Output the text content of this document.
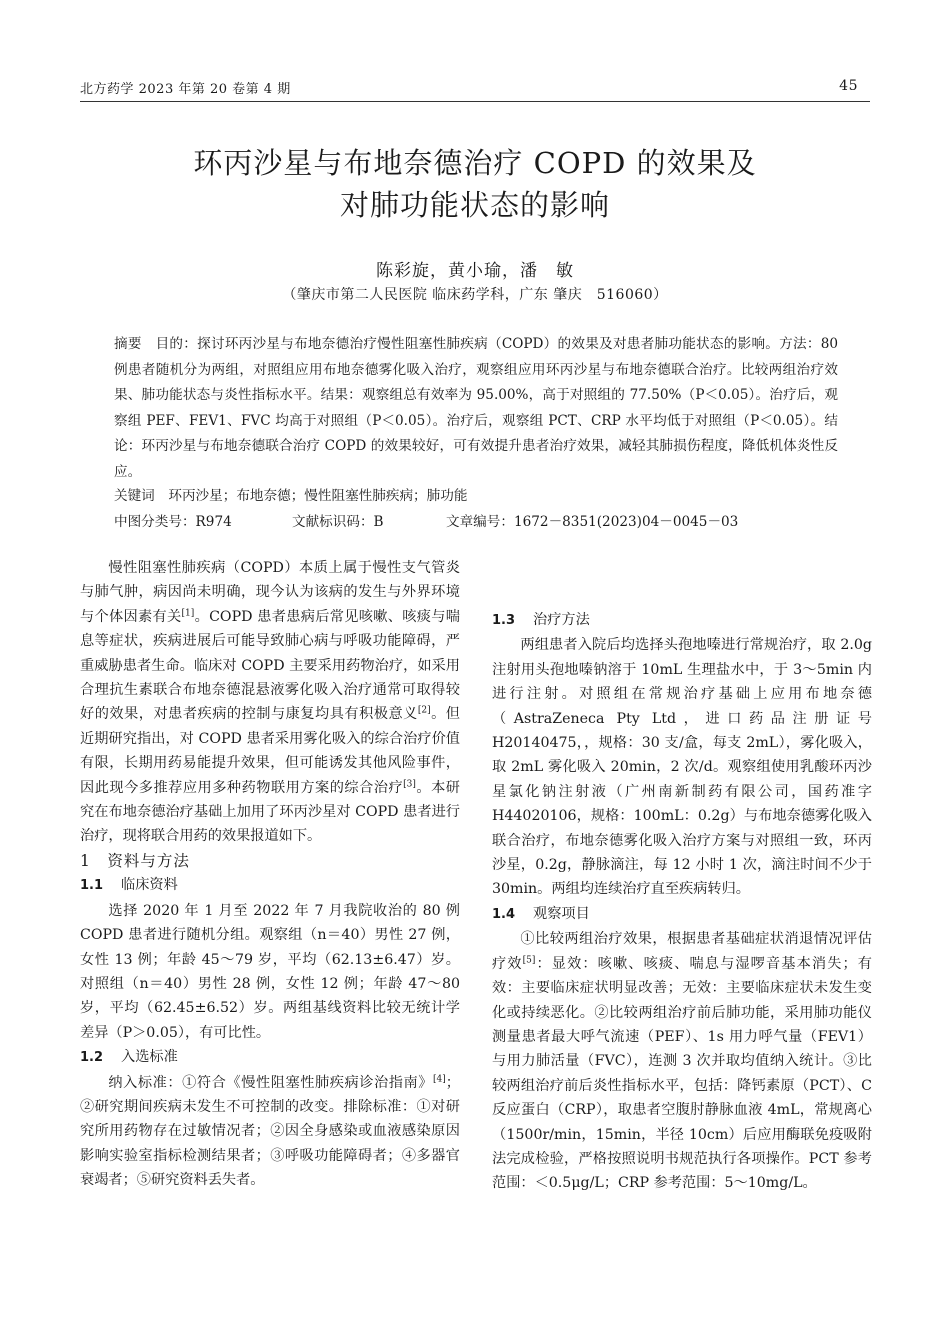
北方药学 2023 年第 20 卷第 4 期	45
环丙沙星与布地奈德治疗 COPD 的效果及
对肺功能状态的影响
陈彩旋，黄小瑜，潘　敏
（肇庆市第二人民医院 临床药学科，广东 肇庆　516060）

摘要　 目的：探讨环丙沙星与布地奈德治疗慢性阻塞性肺疾病（COPD）的效果及对患者肺功能状态的影响。方法：80 例患者随机分为两组，对照组应用布地奈德雾化吸入治疗，观察组应用环丙沙星与布地奈德联合治疗。比较两组治疗效果、肺功能状态与炎性指标水平。结果：观察组总有效率为 95.00%，高于对照组的 77.50%（P＜0.05）。治疗后，观察组 PEF、FEV1、FVC 均高于对照组（P＜0.05）。治疗后，观察组 PCT、CRP 水平均低于对照组（P＜0.05）。结论：环丙沙星与布地奈德联合治疗 COPD 的效果较好，可有效提升患者治疗效果，减轻其肺损伤程度，降低机体炎性反应。

关键词　 环丙沙星；布地奈德；慢性阻塞性肺疾病；肺功能
中图分类号：R974	文献标识码：B	文章编号：1672－8351(2023)04－0045－03

慢性阻塞性肺疾病（COPD）本质上属于慢性支气管炎与肺气肿，病因尚未明确，现今认为该病的发生与外界环境与个体因素有关[1]。COPD 患者患病后常见咳嗽、咳痰与喘息等症状，疾病进展后可能导致肺心病与呼吸功能障碍，严重威胁患者生命。临床对 COPD 主要采用药物治疗，如采用合理抗生素联合布地奈德混悬液雾化吸入治疗通常可取得较好的效果，对患者疾病的控制与康复均具有积极意义[2]。但近期研究指出，对 COPD 患者采用雾化吸入的综合治疗价值有限，长期用药易能提升效果，但可能诱发其他风险事件，因此现今多推荐应用多种药物联用方案的综合治疗[3]。本研究在布地奈德治疗基础上加用了环丙沙星对 COPD 患者进行治疗，现将联合用药的效果报道如下。

1　 资料与方法

1.1 临床资料

选择 2020 年 1 月至 2022 年 7 月我院收治的 80 例 COPD 患者进行随机分组。观察组（n＝40）男性 27 例，女性 13 例；年龄 45～79 岁，平均（62.13±6.47）岁。对照组（n＝40）男性 28 例，女性 12 例；年龄 47～80 岁，平均（62.45±6.52）岁。两组基线资料比较无统计学差异（P＞0.05），有可比性。

1.2 入选标准

纳入标准：①符合《慢性阻塞性肺疾病诊治指南》[4]；②研究期间疾病未发生不可控制的改变。排除标准：①对研究所用药物存在过敏情况者；②因全身感染或血液感染原因影响实验室指标检测结果者；③呼吸功能障碍者；④多器官衰竭者；⑤研究资料丢失者。

1.3 治疗方法

两组患者入院后均选择头孢地嗪进行常规治疗，取 2.0g 注射用头孢地嗪钠溶于 10mL 生理盐水中，于 3～5min 内进行注射。对照组在常规治疗基础上应用布地奈德（AstraZeneca Pty Ltd，进口药品注册证号 H20140475，，规格：30 支/盒，每支 2mL），雾化吸入，取 2mL 雾化吸入 20min，2 次/d。观察组使用乳酸环丙沙星氯化钠注射液（广州南新制药有限公司，国药准字 H44020106，规格：100mL：0.2g）与布地奈德雾化吸入联合治疗，布地奈德雾化吸入治疗方案与对照组一致，环丙沙星，0.2g，静脉滴注，每 12 小时 1 次，滴注时间不少于 30min。两组均连续治疗直至疾病转归。

1.4 观察项目

①比较两组治疗效果，根据患者基础症状消退情况评估疗效[5]：显效：咳嗽、咳痰、喘息与湿啰音基本消失；有效：主要临床症状明显改善；无效：主要临床症状未发生变化或持续恶化。②比较两组治疗前后肺功能，采用肺功能仪测量患者最大呼气流速（PEF）、1s 用力呼气量（FEV1）与用力肺活量（FVC），连测 3 次并取均值纳入统计。③比较两组治疗前后炎性指标水平，包括：降钙素原（PCT）、C 反应蛋白（CRP），取患者空腹肘静脉血液 4mL，常规离心（1500r/min，15min，半径 10cm）后应用酶联免疫吸附法完成检验，严格按照说明书规范执行各项操作。PCT 参考范围：＜0.5μg/L；CRP 参考范围：5～10mg/L。
